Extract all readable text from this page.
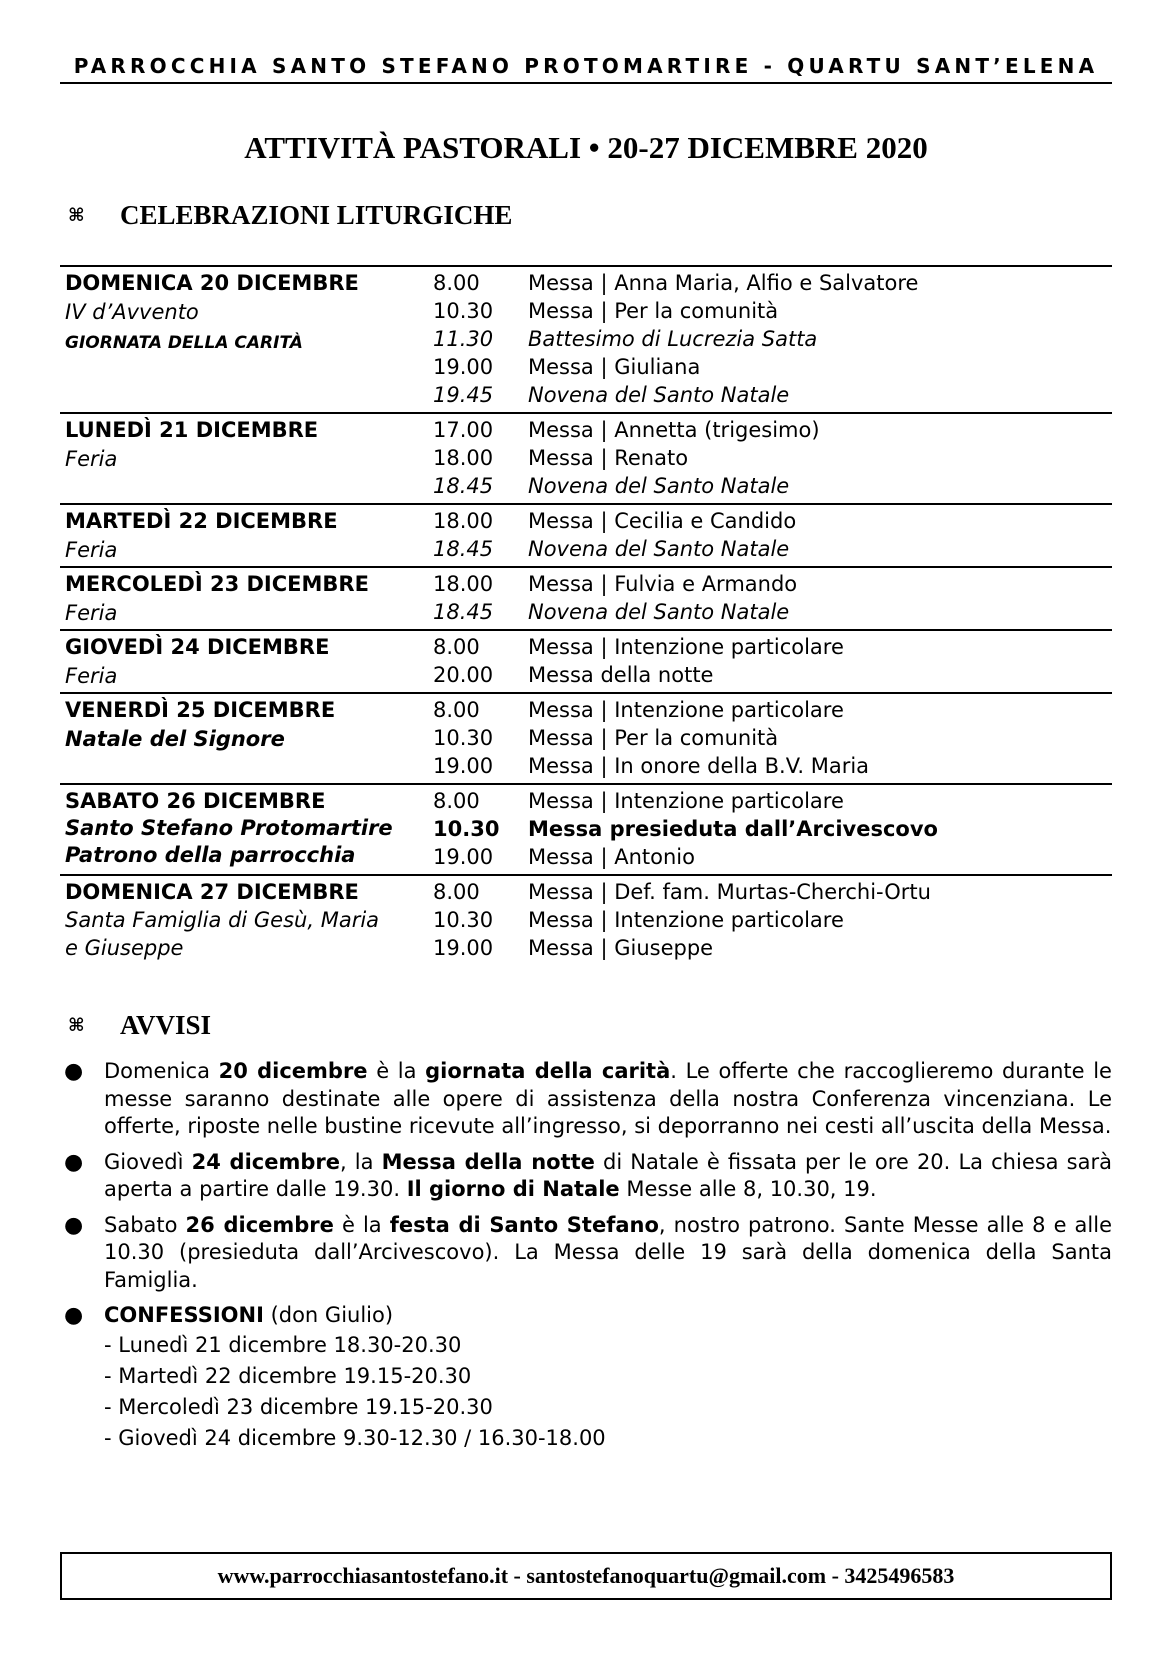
PARROCCHIA SANTO STEFANO PROTOMARTIRE - QUARTU SANT’ELENA
ATTIVITÀ PASTORALI • 20-27 DICEMBRE 2020
⌘ CELEBRAZIONI LITURGICHE
DOMENICA 20 DICEMBRE
IV d’Avvento
GIORNATA DELLA CARITÀ
8.00	Messa | Anna Maria, Alfio e Salvatore
10.30	Messa | Per la comunità
11.30	Battesimo di Lucrezia Satta
19.00	Messa | Giuliana
19.45	Novena del Santo Natale
LUNEDÌ 21 DICEMBRE
Feria
17.00	Messa | Annetta (trigesimo)
18.00	Messa | Renato
18.45	Novena del Santo Natale
MARTEDÌ 22 DICEMBRE
Feria
18.00	Messa | Cecilia e Candido
18.45	Novena del Santo Natale
MERCOLEDÌ 23 DICEMBRE
Feria
18.00	Messa | Fulvia e Armando
18.45	Novena del Santo Natale
GIOVEDÌ 24 DICEMBRE
Feria
8.00	Messa | Intenzione particolare
20.00	Messa della notte
VENERDÌ 25 DICEMBRE
Natale del Signore
8.00	Messa | Intenzione particolare
10.30	Messa | Per la comunità
19.00	Messa | In onore della B.V. Maria
SABATO 26 DICEMBRE
Santo Stefano Protomartire
Patrono della parrocchia
8.00	Messa | Intenzione particolare
10.30	Messa presieduta dall’Arcivescovo
19.00	Messa | Antonio
DOMENICA 27 DICEMBRE
Santa Famiglia di Gesù, Maria
e Giuseppe
8.00	Messa | Def. fam. Murtas-Cherchi-Ortu
10.30	Messa | Intenzione particolare
19.00	Messa | Giuseppe
⌘ AVVISI
● Domenica 20 dicembre è la giornata della carità. Le offerte che raccoglieremo durante le messe saranno destinate alle opere di assistenza della nostra Conferenza vincenziana. Le offerte, riposte nelle bustine ricevute all’ingresso, si deporranno nei cesti all’uscita della Messa.
● Giovedì 24 dicembre, la Messa della notte di Natale è fissata per le ore 20. La chiesa sarà aperta a partire dalle 19.30. Il giorno di Natale Messe alle 8, 10.30, 19.
● Sabato 26 dicembre è la festa di Santo Stefano, nostro patrono. Sante Messe alle 8 e alle 10.30 (presieduta dall’Arcivescovo). La Messa delle 19 sarà della domenica della Santa Famiglia.
● CONFESSIONI (don Giulio)
- Lunedì 21 dicembre 18.30-20.30
- Martedì 22 dicembre 19.15-20.30
- Mercoledì 23 dicembre 19.15-20.30
- Giovedì 24 dicembre 9.30-12.30 / 16.30-18.00
www.parrocchiasantostefano.it - santostefanoquartu@gmail.com - 3425496583
